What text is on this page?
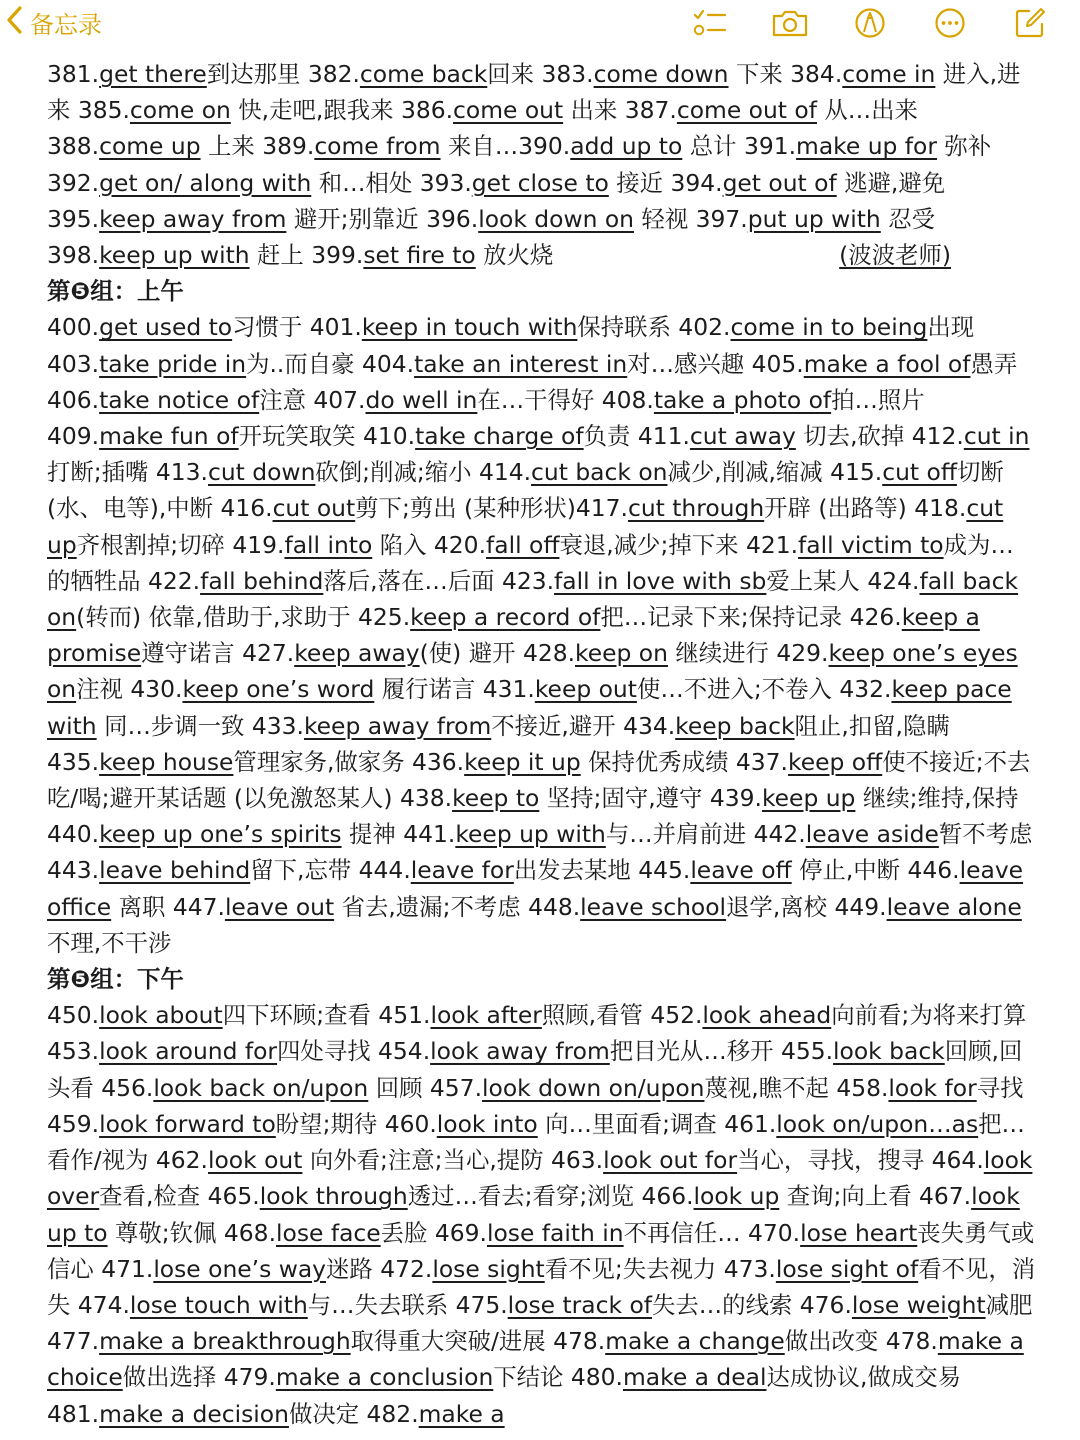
备忘录

381.get there到达那里 382.come back回来 383.come down 下来 384.come in 进入,进来 385.come on 快,走吧,跟我来 386.come out 出来 387.come out of 从…出来 388.come up 上来 389.come from 来自…390.add up to 总计 391.make up for 弥补 392.get on/ along with 和…相处 393.get close to 接近 394.get out of 逃避,避免 395.keep away from 避开;别靠近 396.look down on 轻视 397.put up with 忍受 398.keep up with 赶上 399.set fire to 放火烧	(波波老师)

第❺组：上午

400.get used to习惯于 401.keep in touch with保持联系 402.come in to being出现 403.take pride in为..而自豪 404.take an interest in对…感兴趣 405.make a fool of愚弄 406.take notice of注意 407.do well in在…干得好 408.take a photo of拍…照片 409.make fun of开玩笑取笑 410.take charge of负责 411.cut away 切去,砍掉 412.cut in打断;插嘴 413.cut down砍倒;削减;缩小 414.cut back on减少,削减,缩减 415.cut off切断 (水、电等),中断 416.cut out剪下;剪出 (某种形状)417.cut through开辟 (出路等) 418.cut up齐根割掉;切碎 419.fall into 陷入 420.fall off衰退,减少;掉下来 421.fall victim to成为…的牺牲品 422.fall behind落后,落在…后面 423.fall in love with sb爱上某人 424.fall back on(转而) 依靠,借助于,求助于 425.keep a record of把…记录下来;保持记录 426.keep a promise遵守诺言 427.keep away(使) 避开 428.keep on 继续进行 429.keep one’s eyes on注视 430.keep one’s word 履行诺言 431.keep out使…不进入;不卷入 432.keep pace with 同…步调一致 433.keep away from不接近,避开 434.keep back阻止,扣留,隐瞒 435.keep house管理家务,做家务 436.keep it up 保持优秀成绩 437.keep off使不接近;不去吃/喝;避开某话题 (以免激怒某人) 438.keep to 坚持;固守,遵守 439.keep up 继续;维持,保持 440.keep up one’s spirits 提神 441.keep up with与…并肩前进 442.leave aside暂不考虑 443.leave behind留下,忘带 444.leave for出发去某地 445.leave off 停止,中断 446.leave office 离职 447.leave out 省去,遗漏;不考虑 448.leave school退学,离校 449.leave alone不理,不干涉

第❺组：下午

450.look about四下环顾;查看 451.look after照顾,看管 452.look ahead向前看;为将来打算 453.look around for四处寻找 454.look away from把目光从…移开 455.look back回顾,回头看 456.look back on/upon 回顾 457.look down on/upon蔑视,瞧不起 458.look for寻找 459.look forward to盼望;期待 460.look into 向…里面看;调查 461.look on/upon…as把…看作/视为 462.look out 向外看;注意;当心,提防 463.look out for当心，寻找，搜寻 464.look over查看,检查 465.look through透过…看去;看穿;浏览 466.look up 查询;向上看 467.look up to 尊敬;钦佩 468.lose face丢脸 469.lose faith in不再信任… 470.lose heart丧失勇气或信心 471.lose one’s way迷路 472.lose sight看不见;失去视力 473.lose sight of看不见，消失 474.lose touch with与…失去联系 475.lose track of失去…的线索 476.lose weight减肥 477.make a breakthrough取得重大突破/进展 478.make a change做出改变 478.make a choice做出选择 479.make a conclusion下结论 480.make a deal达成协议,做成交易 481.make a decision做决定 482.make a
